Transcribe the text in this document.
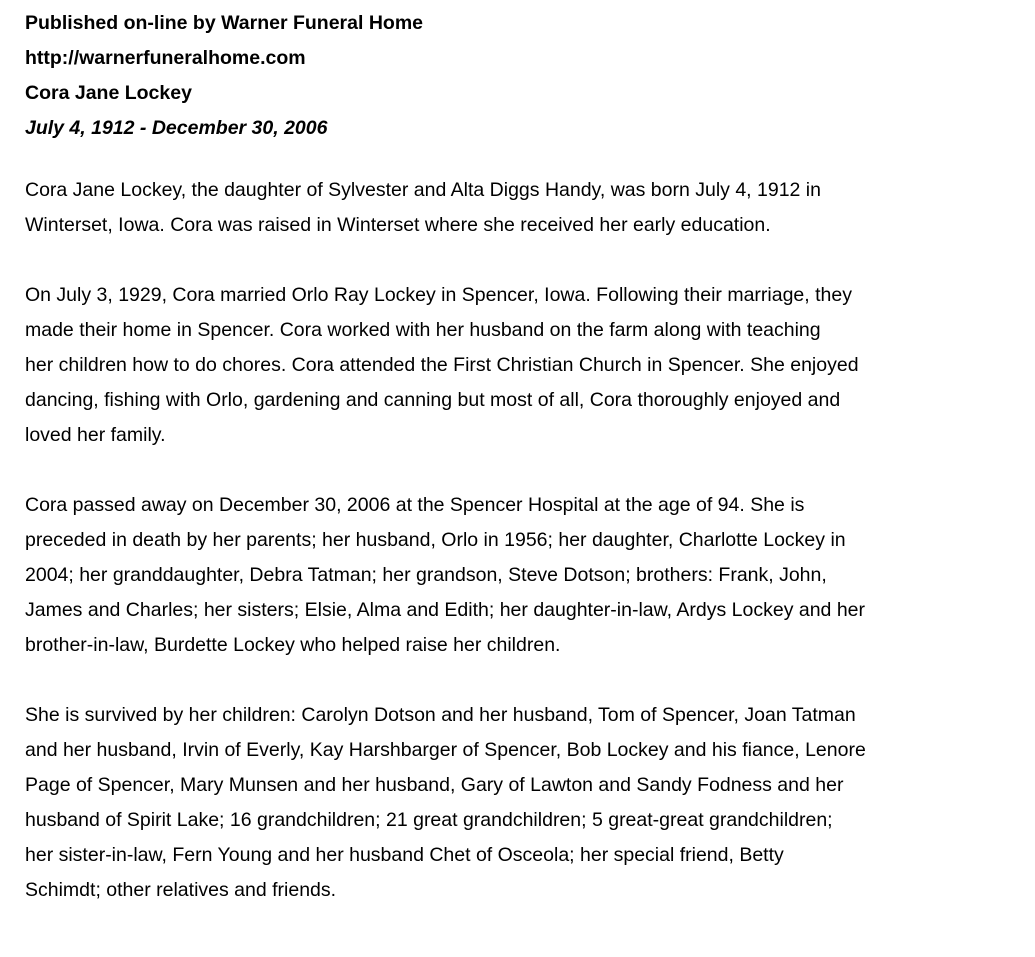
Published on-line by Warner Funeral Home
http://warnerfuneralhome.com
Cora Jane Lockey
July 4, 1912 - December 30, 2006
Cora Jane Lockey, the daughter of Sylvester and Alta Diggs Handy, was born July 4, 1912 in
Winterset, Iowa. Cora was raised in Winterset where she received her early education.
On July 3, 1929, Cora married Orlo Ray Lockey in Spencer, Iowa. Following their marriage, they
made their home in Spencer. Cora worked with her husband on the farm along with teaching
her children how to do chores. Cora attended the First Christian Church in Spencer. She enjoyed
dancing, fishing with Orlo, gardening and canning but most of all, Cora thoroughly enjoyed and
loved her family.
Cora passed away on December 30, 2006 at the Spencer Hospital at the age of 94. She is
preceded in death by her parents; her husband, Orlo in 1956; her daughter, Charlotte Lockey in
2004; her granddaughter, Debra Tatman; her grandson, Steve Dotson; brothers: Frank, John,
James and Charles; her sisters; Elsie, Alma and Edith; her daughter-in-law, Ardys Lockey and her
brother-in-law, Burdette Lockey who helped raise her children.
She is survived by her children: Carolyn Dotson and her husband, Tom of Spencer, Joan Tatman
and her husband, Irvin of Everly, Kay Harshbarger of Spencer, Bob Lockey and his fiance, Lenore
Page of Spencer, Mary Munsen and her husband, Gary of Lawton and Sandy Fodness and her
husband of Spirit Lake; 16 grandchildren; 21 great grandchildren; 5 great-great grandchildren;
her sister-in-law, Fern Young and her husband Chet of Osceola; her special friend, Betty
Schimdt; other relatives and friends.
